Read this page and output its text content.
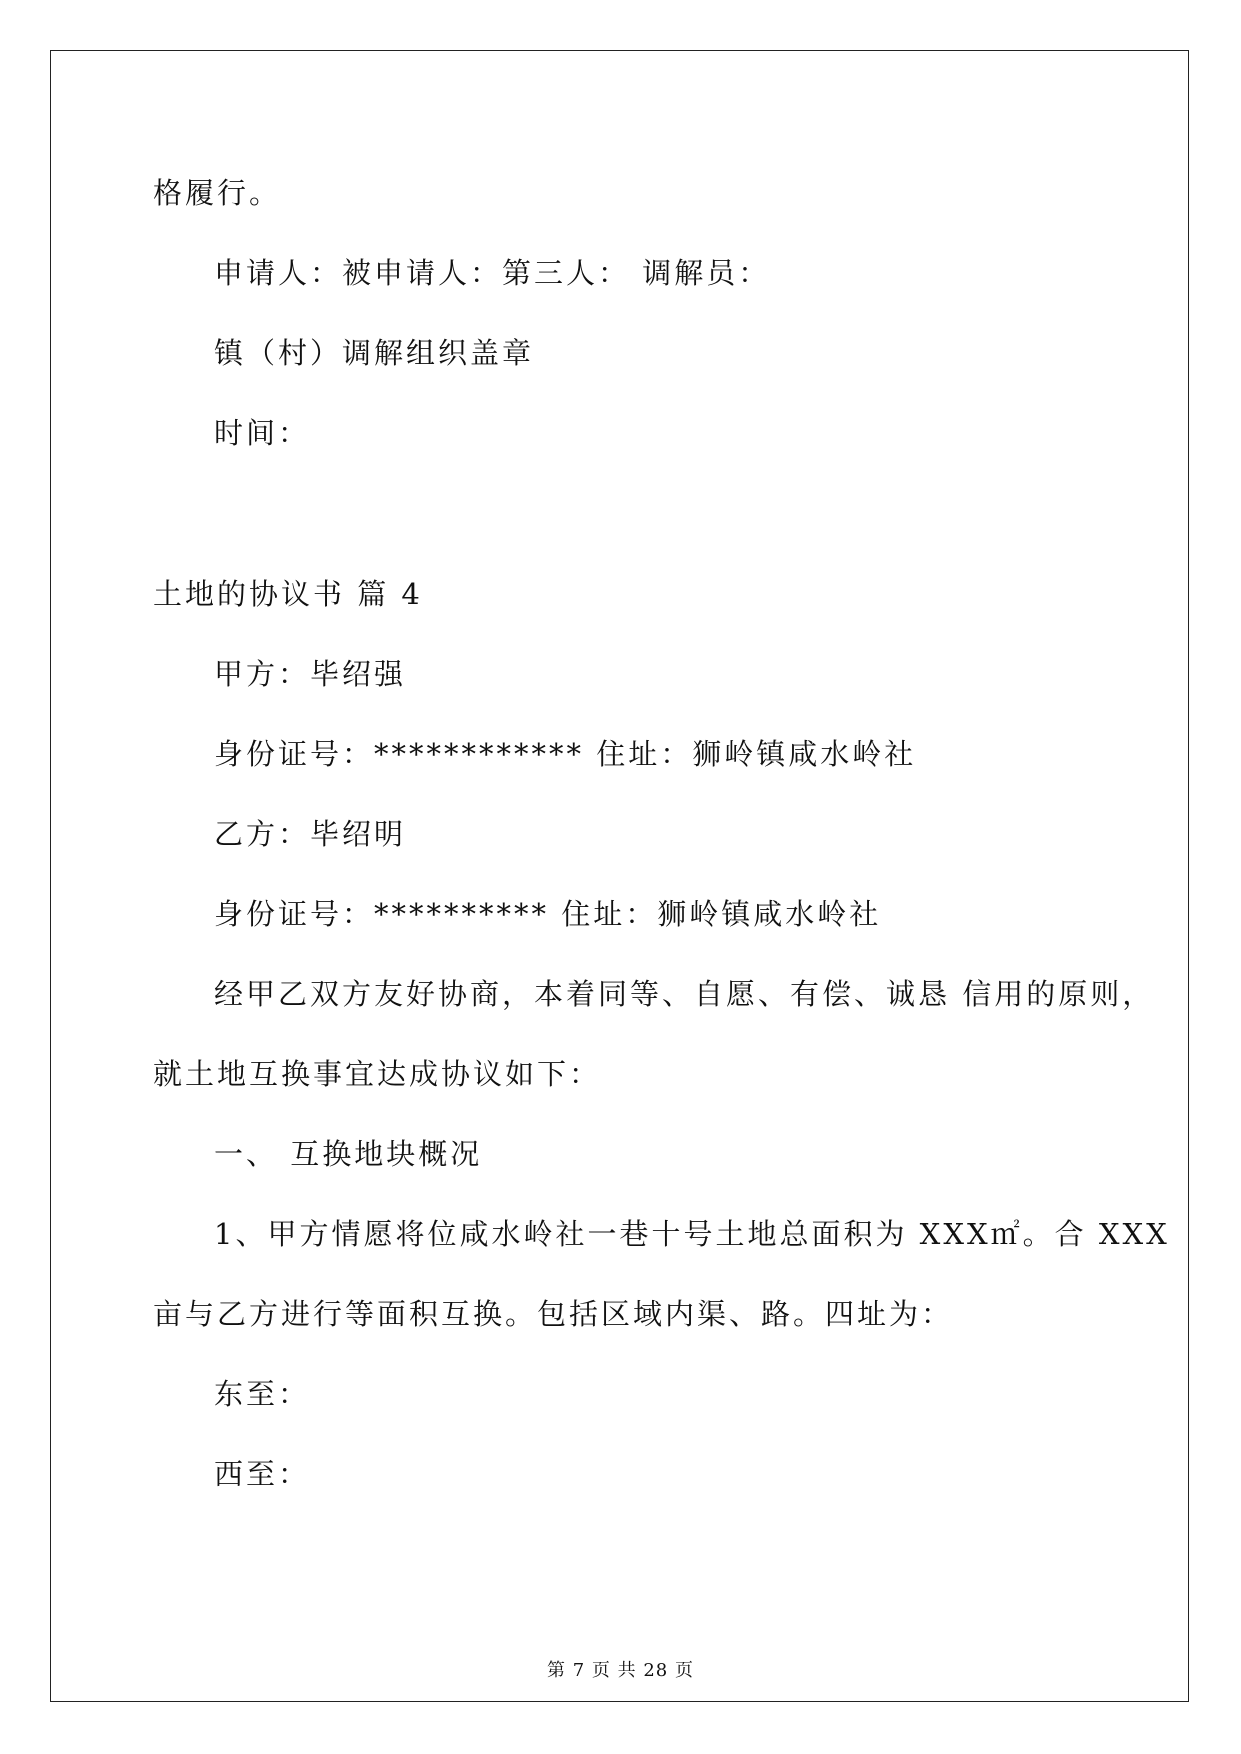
格履行。
申请人：被申请人：第三人： 调解员：
镇（村）调解组织盖章
时间：
土地的协议书 篇 4
甲方：毕绍强
身份证号：************ 住址：狮岭镇咸水岭社
乙方：毕绍明
身份证号：********** 住址：狮岭镇咸水岭社
经甲乙双方友好协商，本着同等、自愿、有偿、诚恳 信用的原则，
就土地互换事宜达成协议如下：
一、 互换地块概况
1、甲方情愿将位咸水岭社一巷十号土地总面积为 XXX㎡。合 XXX
亩与乙方进行等面积互换。包括区域内渠、路。四址为：
东至：
西至：
第 7 页 共 28 页
